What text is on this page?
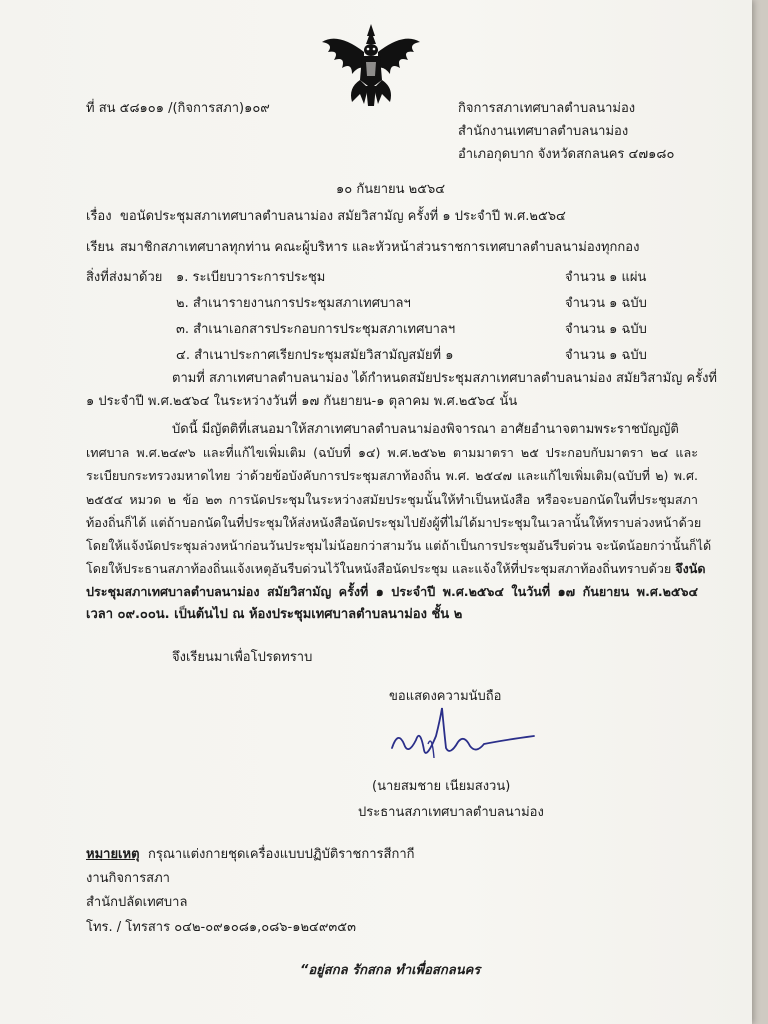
ที่ สน ๕๘๑๐๑ /(กิจการสภา)๑๐๙	กิจการสภาเทศบาลตำบลนาม่อง
สำนักงานเทศบาลตำบลนาม่อง
อำเภอกุดบาก จังหวัดสกลนคร ๔๗๑๘๐
๑๐ กันยายน ๒๕๖๔
เรื่อง ขอนัดประชุมสภาเทศบาลตำบลนาม่อง สมัยวิสามัญ ครั้งที่ ๑ ประจำปี พ.ศ.๒๕๖๔
เรียน สมาชิกสภาเทศบาลทุกท่าน คณะผู้บริหาร และหัวหน้าส่วนราชการเทศบาลตำบลนาม่องทุกกอง
สิ่งที่ส่งมาด้วย ๑. ระเบียบวาระการประชุม	จำนวน ๑ แผ่น
๒. สำเนารายงานการประชุมสภาเทศบาลฯ	จำนวน ๑ ฉบับ
๓. สำเนาเอกสารประกอบการประชุมสภาเทศบาลฯ	จำนวน ๑ ฉบับ
๔. สำเนาประกาศเรียกประชุมสมัยวิสามัญสมัยที่ ๑	จำนวน ๑ ฉบับ
ตามที่ สภาเทศบาลตำบลนาม่อง ได้กำหนดสมัยประชุมสภาเทศบาลตำบลนาม่อง สมัยวิสามัญ ครั้งที่
๑ ประจำปี พ.ศ.๒๕๖๔ ในระหว่างวันที่ ๑๗ กันยายน-๑ ตุลาคม พ.ศ.๒๕๖๔ นั้น
บัดนี้ มีญัตติที่เสนอมาให้สภาเทศบาลตำบลนาม่องพิจารณา อาศัยอำนาจตามพระราชบัญญัติ
เทศบาล พ.ศ.๒๔๙๖ และที่แก้ไขเพิ่มเติม (ฉบับที่ ๑๔) พ.ศ.๒๕๖๒ ตามมาตรา ๒๕ ประกอบกับมาตรา ๒๔ และ
ระเบียบกระทรวงมหาดไทย ว่าด้วยข้อบังคับการประชุมสภาท้องถิ่น พ.ศ. ๒๕๔๗ และแก้ไขเพิ่มเติม(ฉบับที่ ๒) พ.ศ.
๒๕๕๔ หมวด ๒ ข้อ ๒๓ การนัดประชุมในระหว่างสมัยประชุมนั้นให้ทำเป็นหนังสือ หรือจะบอกนัดในที่ประชุมสภา
ท้องถิ่นก็ได้ แต่ถ้าบอกนัดในที่ประชุมให้ส่งหนังสือนัดประชุมไปยังผู้ที่ไม่ได้มาประชุมในเวลานั้นให้ทราบล่วงหน้าด้วย
โดยให้แจ้งนัดประชุมล่วงหน้าก่อนวันประชุมไม่น้อยกว่าสามวัน แต่ถ้าเป็นการประชุมอันรีบด่วน จะนัดน้อยกว่านั้นก็ได้
โดยให้ประธานสภาท้องถิ่นแจ้งเหตุอันรีบด่วนไว้ในหนังสือนัดประชุม และแจ้งให้ที่ประชุมสภาท้องถิ่นทราบด้วย จึงนัด
ประชุมสภาเทศบาลตำบลนาม่อง สมัยวิสามัญ ครั้งที่ ๑ ประจำปี พ.ศ.๒๕๖๔ ในวันที่ ๑๗ กันยายน พ.ศ.๒๕๖๔
เวลา ๐๙.๐๐น. เป็นต้นไป ณ ห้องประชุมเทศบาลตำบลนาม่อง ชั้น ๒
จึงเรียนมาเพื่อโปรดทราบ
ขอแสดงความนับถือ
(นายสมชาย เนียมสงวน)
ประธานสภาเทศบาลตำบลนาม่อง
หมายเหตุ กรุณาแต่งกายชุดเครื่องแบบปฏิบัติราชการสีกากี
งานกิจการสภา
สำนักปลัดเทศบาล
โทร. / โทรสาร ๐๔๒-๐๙๑๐๘๑,๐๘๖-๑๒๔๙๓๕๓
“อยู่สกล รักสกล ทำเพื่อสกลนคร
